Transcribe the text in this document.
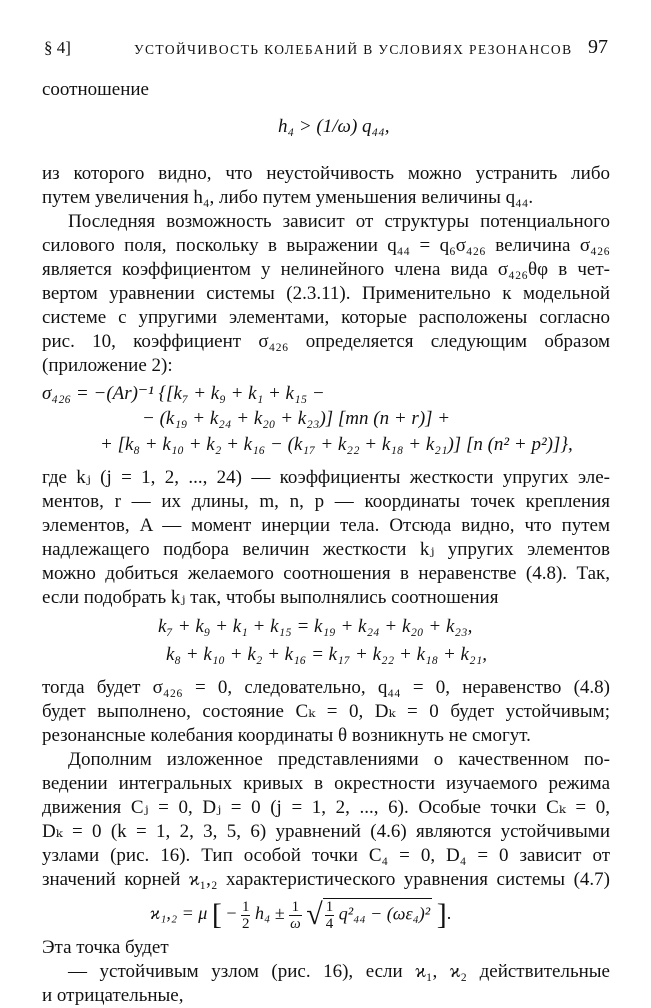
§ 4]	УСТОЙЧИВОСТЬ КОЛЕБАНИЙ В УСЛОВИЯХ РЕЗОНАНСОВ 97
соотношение
h₄ > (1/ω) q₄₄,
из которого видно, что неустойчивость можно устранить либо
путем увеличения h₄, либо путем уменьшения величины q₄₄.
Последняя возможность зависит от структуры потенциального
силового поля, поскольку в выражении q₄₄ = q₆σ₄₂₆ величина σ₄₂₆
является коэффициентом у нелинейного члена вида σ₄₂₆θφ в чет-
вертом уравнении системы (2.3.11). Применительно к модельной
системе с упругими элементами, которые расположены согласно
рис. 10, коэффициент σ₄₂₆ определяется следующим образом
(приложение 2):
σ₄₂₆ = −(Ar)⁻¹ {[k₇ + k₉ + k₁ + k₁₅ −
− (k₁₉ + k₂₄ + k₂₀ + k₂₃)] [mn (n + r)] +
+ [k₈ + k₁₀ + k₂ + k₁₆ − (k₁₇ + k₂₂ + k₁₈ + k₂₁)] [n (n² + p²)]},
где kⱼ (j = 1, 2, ..., 24) — коэффициенты жесткости упругих эле-
ментов, r — их длины, m, n, p — координаты точек крепления
элементов, A — момент инерции тела. Отсюда видно, что путем
надлежащего подбора величин жесткости kⱼ упругих элементов
можно добиться желаемого соотношения в неравенстве (4.8). Так,
если подобрать kⱼ так, чтобы выполнялись соотношения
k₇ + k₉ + k₁ + k₁₅ = k₁₉ + k₂₄ + k₂₀ + k₂₃,
k₈ + k₁₀ + k₂ + k₁₆ = k₁₇ + k₂₂ + k₁₈ + k₂₁,
тогда будет σ₄₂₆ = 0, следовательно, q₄₄ = 0, неравенство (4.8)
будет выполнено, состояние Cₖ = 0, Dₖ = 0 будет устойчивым;
резонансные колебания координаты θ возникнуть не смогут.
Дополним изложенное представлениями о качественном по-
ведении интегральных кривых в окрестности изучаемого режима
движения Cⱼ = 0, Dⱼ = 0 (j = 1, 2, ..., 6). Особые точки Cₖ = 0,
Dₖ = 0 (k = 1, 2, 3, 5, 6) уравнений (4.6) являются устойчивыми
узлами (рис. 16). Тип особой точки C₄ = 0, D₄ = 0 зависит от
значений корней ϰ₁,₂ характеристического уравнения системы (4.7)
ϰ₁,₂ = μ [ − $\frac{1}{2} h_4 \pm \frac{1}{\omega}$ √ $\frac{1}{4} q^2_{44} - (\omega\varepsilon_4)^2$ ].
Эта точка будет
— устойчивым узлом (рис. 16), если ϰ₁, ϰ₂ действительные
и отрицательные,
